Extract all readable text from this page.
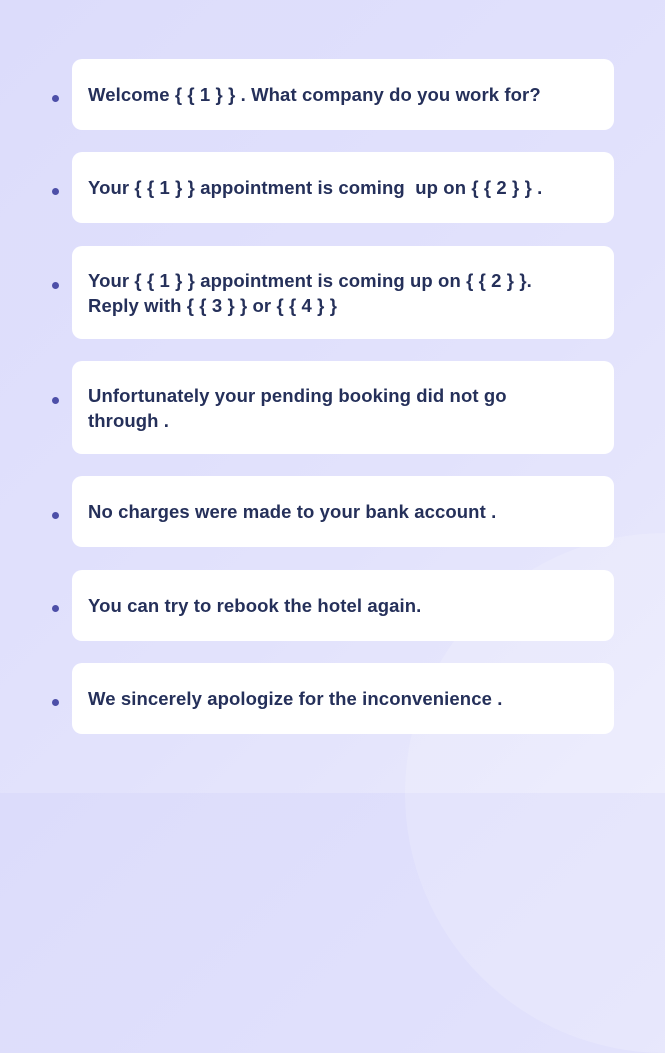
Welcome { { 1 } } . What company do you work for?
Your { { 1 } } appointment is coming  up on { { 2 } } .
Your { { 1 } } appointment is coming up on { { 2 } }.
Reply with { { 3 } } or { { 4 } }
Unfortunately your pending booking did not go
through .
No charges were made to your bank account .
You can try to rebook the hotel again.
We sincerely apologize for the inconvenience .
